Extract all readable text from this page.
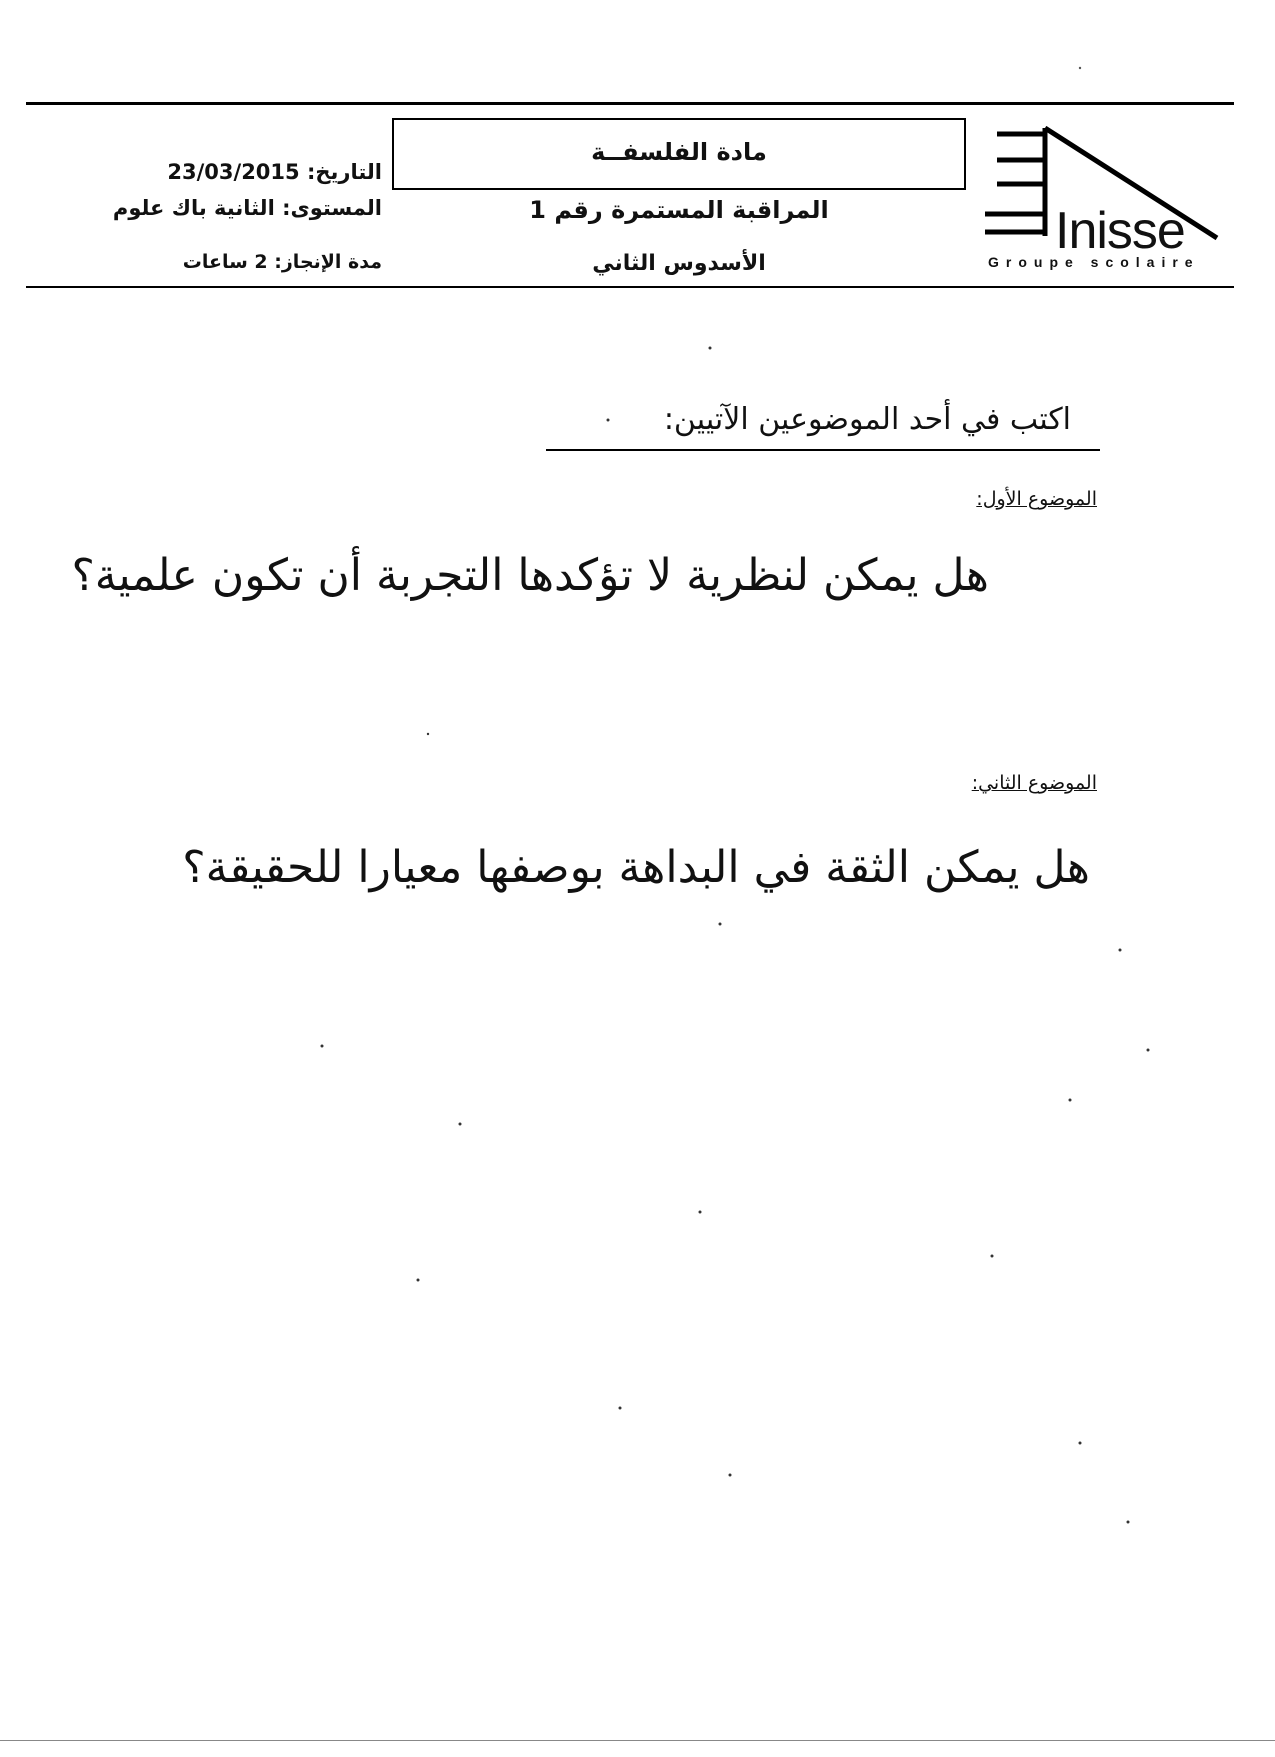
Inisse
Groupe scolaire
مادة الفلسفــة
المراقبة المستمرة رقم 1
الأسدوس الثاني
التاريخ: 23/03/2015
المستوى: الثانية باك علوم
مدة الإنجاز: 2 ساعات
اكتب في أحد الموضوعين الآتيين:
الموضوع الأول:
هل يمكن لنظرية لا تؤكدها التجربة أن تكون علمية؟
الموضوع الثاني:
هل يمكن الثقة في البداهة بوصفها معيارا للحقيقة؟
